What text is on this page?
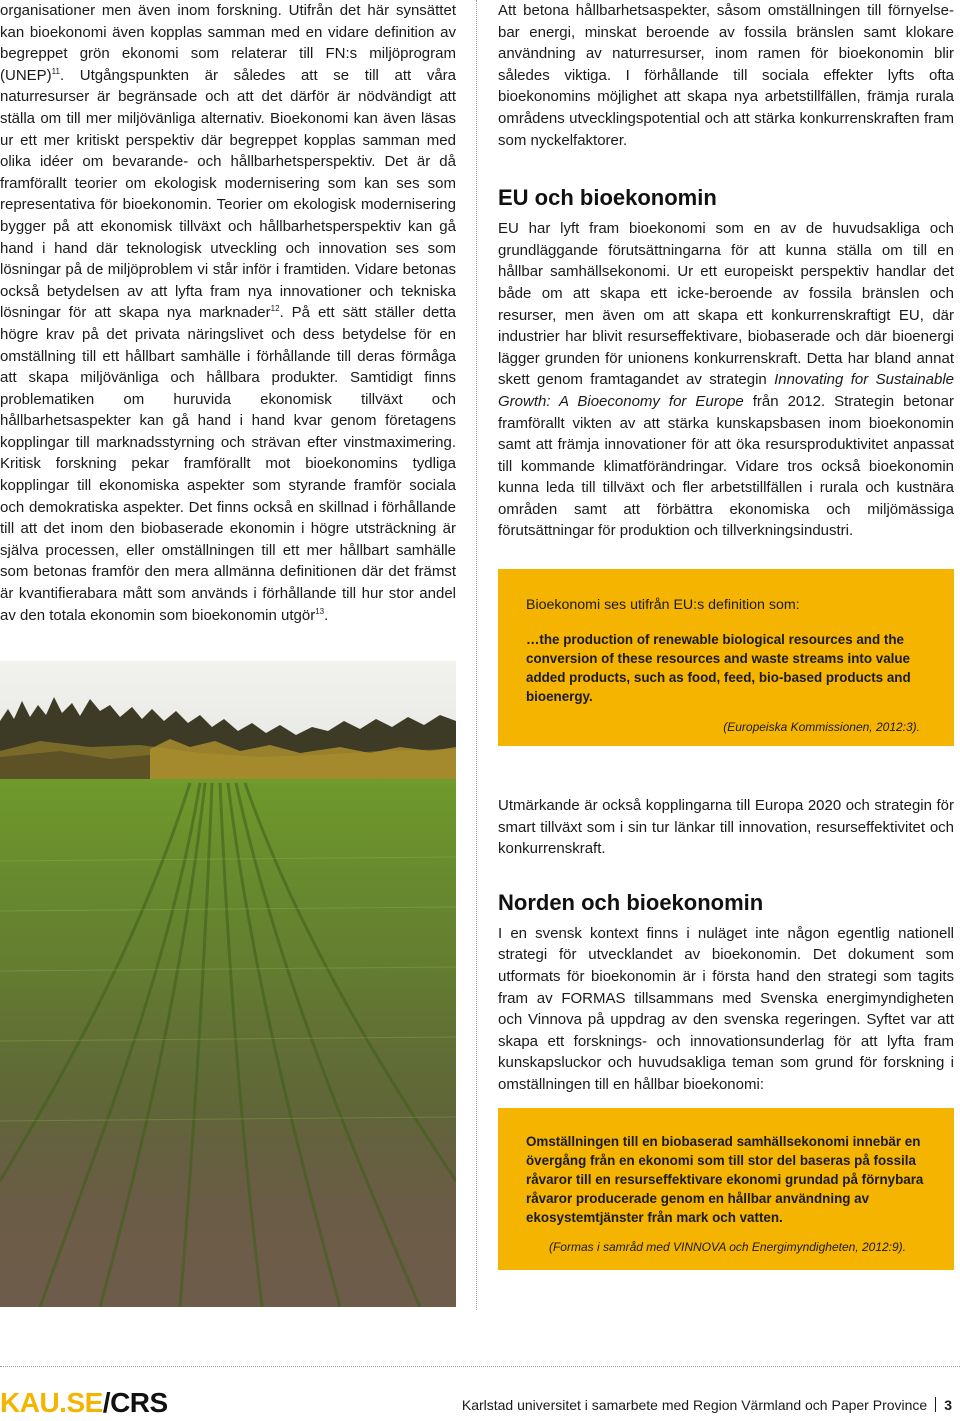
organisationer men även inom forskning. Utifrån det här synsättet kan bioekonomi även kopplas samman med en vidare definition av begreppet grön ekonomi som relaterar till FN:s miljöprogram (UNEP)$^{11}$. Utgångspunkten är således att se till att våra naturresurser är begränsade och att det därför är nödvändigt att ställa om till mer miljövänliga alternativ. Bioekonomi kan även läsas ur ett mer kritiskt perspektiv där begreppet kopplas samman med olika idéer om bevarande- och hållbarhetsperspektiv. Det är då framförallt teorier om ekologisk modernisering som kan ses som representativa för bioekonomin. Teorier om ekologisk modernisering bygger på att ekonomisk tillväxt och hållbarhetsperspektiv kan gå hand i hand där teknologisk utveckling och innovation ses som lösningar på de miljöproblem vi står inför i framtiden. Vidare betonas också betydelsen av att lyfta fram nya innovationer och tekniska lösningar för att skapa nya marknader$^{12}$. På ett sätt ställer detta högre krav på det privata näringslivet och dess betydelse för en omställning till ett hållbart samhälle i förhållande till deras förmåga att skapa miljövänliga och hållbara produkter. Samtidigt finns problematiken om huruvida ekonomisk tillväxt och hållbarhetsaspekter kan gå hand i hand kvar genom företagens kopplingar till marknadsstyrning och strävan efter vinstmaximering. Kritisk forskning pekar framförallt mot bioekonomins tydliga kopplingar till ekonomiska aspekter som styrande framför sociala och demokratiska aspekter. Det finns också en skillnad i förhållande till att det inom den biobaserade ekonomin i högre utsträckning är själva processen, eller omställningen till ett mer hållbart samhälle som betonas framför den mera allmänna definitionen där det främst är kvantifierabara mått som används i förhållande till hur stor andel av den totala ekonomin som bioekonomin utgör$^{13}$.

Att betona hållbarhetsaspekter, såsom omställningen till förnyelse-bar energi, minskat beroende av fossila bränslen samt klokare användning av naturresurser, inom ramen för bioekonomin blir således viktiga. I förhållande till sociala effekter lyfts ofta bioekonomins möjlighet att skapa nya arbetstillfällen, främja rurala områdens utvecklingspotential och att stärka konkurrenskraften fram som nyckelfaktorer.

EU och bioekonomin

EU har lyft fram bioekonomi som en av de huvudsakliga och grundläggande förutsättningarna för att kunna ställa om till en hållbar samhällsekonomi. Ur ett europeiskt perspektiv handlar det både om att skapa ett icke-beroende av fossila bränslen och resurser, men även om att skapa ett konkurrenskraftigt EU, där industrier har blivit resurseffektivare, biobaserade och där bioenergi lägger grunden för unionens konkurrenskraft. Detta har bland annat skett genom framtagandet av strategin Innovating for Sustainable Growth: A Bioeconomy for Europe från 2012. Strategin betonar framförallt vikten av att stärka kunskapsbasen inom bioekonomin samt att främja innovationer för att öka resursproduktivitet anpassat till kommande klimatförändringar. Vidare tros också bioekonomin kunna leda till tillväxt och fler arbetstillfällen i rurala och kustnära områden samt att förbättra ekonomiska och miljömässiga förutsättningar för produktion och tillverkningsindustri.

Bioekonomi ses utifrån EU:s definition som:

…the production of renewable biological resources and the conversion of these resources and waste streams into value added products, such as food, feed, bio-based products and bioenergy.

(Europeiska Kommissionen, 2012:3).

Utmärkande är också kopplingarna till Europa 2020 och strategin för smart tillväxt som i sin tur länkar till innovation, resurseffektivitet och konkurrenskraft.

Norden och bioekonomin

I en svensk kontext finns i nuläget inte någon egentlig nationell strategi för utvecklandet av bioekonomin. Det dokument som utformats för bioekonomin är i första hand den strategi som tagits fram av FORMAS tillsammans med Svenska energimyndigheten och Vinnova på uppdrag av den svenska regeringen. Syftet var att skapa ett forsknings- och innovationsunderlag för att lyfta fram kunskapsluckor och huvudsakliga teman som grund för forskning i omställningen till en hållbar bioekonomi:

Omställningen till en biobaserad samhällsekonomi innebär en övergång från en ekonomi som till stor del baseras på fossila råvaror till en resurseffektivare ekonomi grundad på förnybara råvaror producerade genom en hållbar användning av ekosystemtjänster från mark och vatten.

(Formas i samråd med VINNOVA och Energimyndigheten, 2012:9).

KAU.SE/CRS	Karlstad universitet i samarbete med Region Värmland och Paper Province 3
